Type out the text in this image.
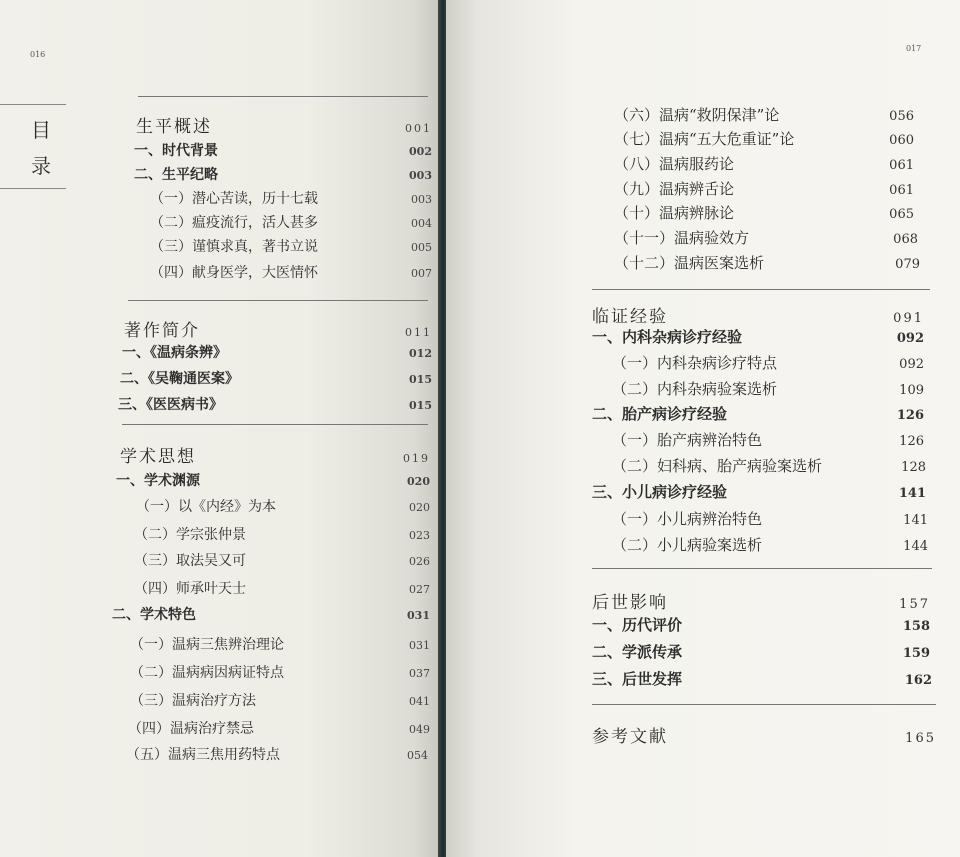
016
目
录
生平概述	001
一、时代背景	002
二、生平纪略	003
（一）潜心苦读，历十七载	003
（二）瘟疫流行，活人甚多	004
（三）谨慎求真，著书立说	005
（四）献身医学，大医情怀	007
著作简介	011
一、《温病条辨》	012
二、《吴鞠通医案》	015
三、《医医病书》	015
学术思想	019
一、学术渊源	020
（一）以《内经》为本	020
（二）学宗张仲景	023
（三）取法吴又可	026
（四）师承叶天士	027
二、学术特色	031
（一）温病三焦辨治理论	031
（二）温病病因病证特点	037
（三）温病治疗方法	041
（四）温病治疗禁忌	049
（五）温病三焦用药特点	054
017
（六）温病“救阴保津”论	056
（七）温病“五大危重证”论	060
（八）温病服药论	061
（九）温病辨舌论	061
（十）温病辨脉论	065
（十一）温病验效方	068
（十二）温病医案选析	079
临证经验	091
一、内科杂病诊疗经验	092
（一）内科杂病诊疗特点	092
（二）内科杂病验案选析	109
二、胎产病诊疗经验	126
（一）胎产病辨治特色	126
（二）妇科病、胎产病验案选析	128
三、小儿病诊疗经验	141
（一）小儿病辨治特色	141
（二）小儿病验案选析	144
后世影响	157
一、历代评价	158
二、学派传承	159
三、后世发挥	162
参考文献	165
